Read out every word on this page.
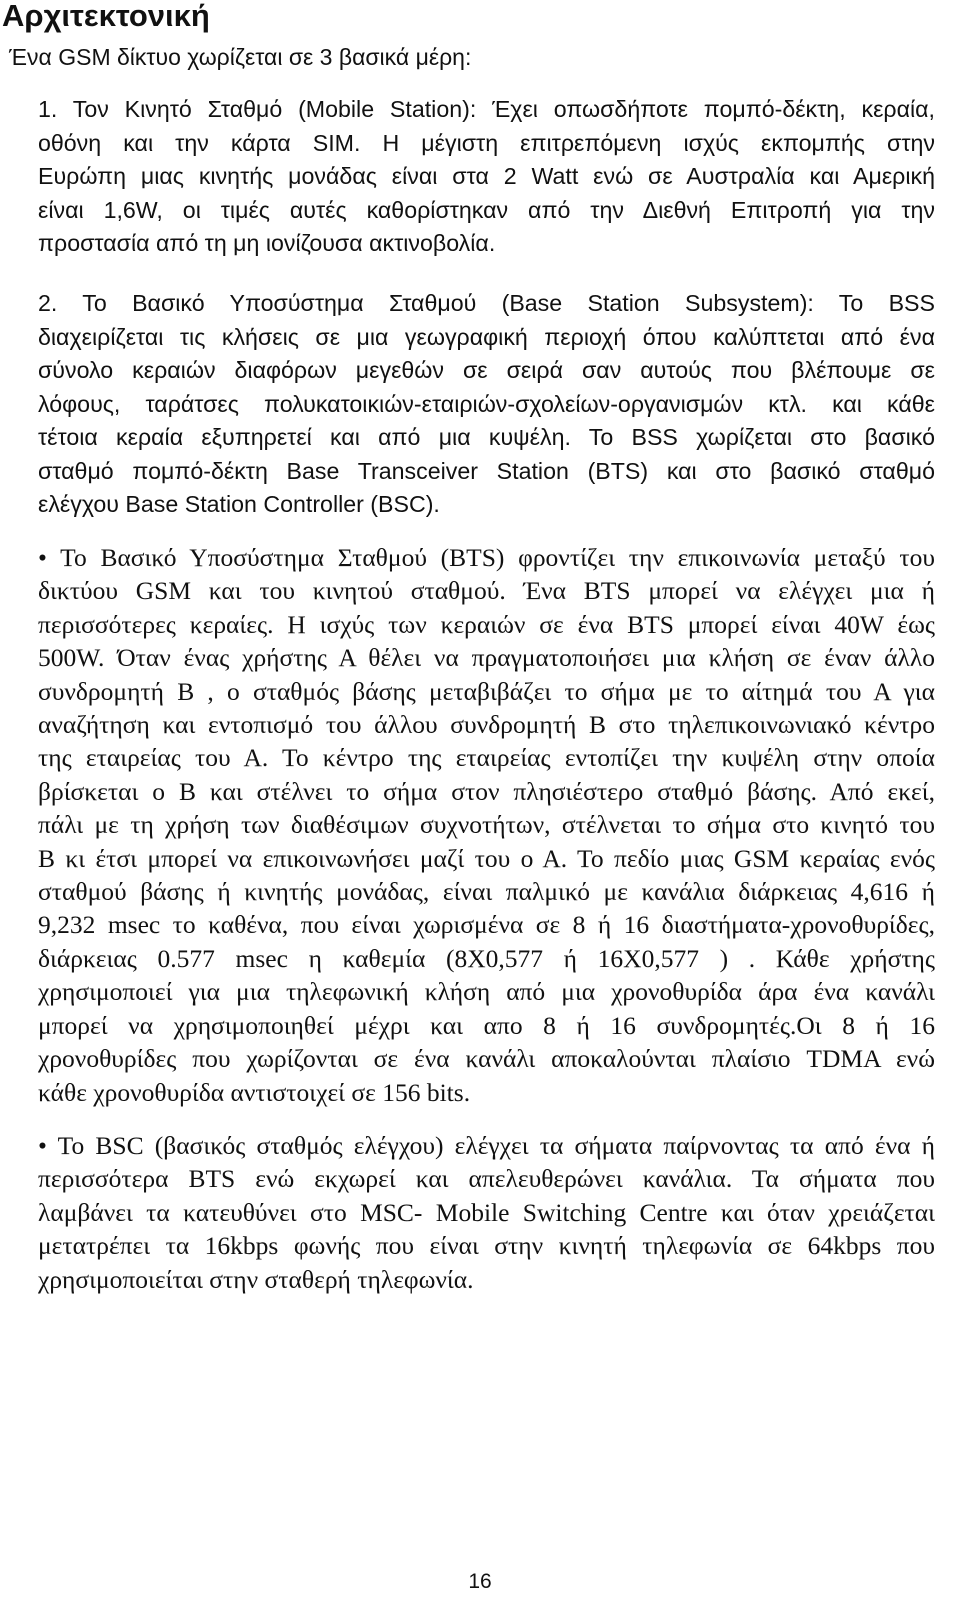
Αρχιτεκτονική

Ένα GSM δίκτυο χωρίζεται σε 3 βασικά μέρη:

1. Τον Κινητό Σταθμό (Mobile Station): Έχει οπωσδήποτε πομπό-δέκτη, κεραία,
οθόνη και την κάρτα SIM. Η μέγιστη επιτρεπόμενη ισχύς εκπομπής στην
Ευρώπη μιας κινητής μονάδας είναι στα 2 Watt ενώ σε Αυστραλία και Αμερική
είναι 1,6W, οι τιμές αυτές καθορίστηκαν από την Διεθνή Επιτροπή για την
προστασία από τη μη ιονίζουσα ακτινοβολία.

2. Το Βασικό Υποσύστημα Σταθμού (Base Station Subsystem): Το BSS
διαχειρίζεται τις κλήσεις σε μια γεωγραφική περιοχή όπου καλύπτεται από ένα
σύνολο κεραιών διαφόρων μεγεθών σε σειρά σαν αυτούς που βλέπουμε σε
λόφους, ταράτσες πολυκατοικιών-εταιριών-σχολείων-οργανισμών κτλ. και κάθε
τέτοια κεραία εξυπηρετεί και από μια κυψέλη. Το BSS χωρίζεται στο βασικό
σταθμό πομπό-δέκτη Base Transceiver Station (BTS) και στο βασικό σταθμό
ελέγχου Base Station Controller (BSC).

• Το Βασικό Υποσύστημα Σταθμού (BTS) φροντίζει την επικοινωνία μεταξύ του
δικτύου GSM και του κινητού σταθμού. Ένα BTS μπορεί να ελέγχει μια ή
περισσότερες κεραίες. Η ισχύς των κεραιών σε ένα BTS μπορεί είναι 40W έως
500W. Όταν ένας χρήστης Α θέλει να πραγματοποιήσει μια κλήση σε έναν άλλο
συνδρομητή Β , ο σταθμός βάσης μεταβιβάζει το σήμα με το αίτημά του Α για
αναζήτηση και εντοπισμό του άλλου συνδρομητή Β στο τηλεπικοινωνιακό κέντρο
της εταιρείας του Α. Το κέντρο της εταιρείας εντοπίζει την κυψέλη στην οποία
βρίσκεται ο Β και στέλνει το σήμα στον πλησιέστερο σταθμό βάσης. Από εκεί,
πάλι με τη χρήση των διαθέσιμων συχνοτήτων, στέλνεται το σήμα στο κινητό του
Β κι έτσι μπορεί να επικοινωνήσει μαζί του ο Α. Το πεδίο μιας GSM κεραίας ενός
σταθμού βάσης ή κινητής μονάδας, είναι παλμικό με κανάλια διάρκειας 4,616 ή
9,232 msec το καθένα, που είναι χωρισμένα σε 8 ή 16 διαστήματα-χρονοθυρίδες,
διάρκειας 0.577 msec η καθεμία (8Χ0,577 ή 16Χ0,577 ) . Κάθε χρήστης
χρησιμοποιεί για μια τηλεφωνική κλήση από μια χρονοθυρίδα άρα ένα κανάλι
μπορεί να χρησιμοποιηθεί μέχρι και απο 8 ή 16 συνδρομητές.Οι 8 ή 16
χρονοθυρίδες που χωρίζονται σε ένα κανάλι αποκαλούνται πλαίσιο TDMA ενώ
κάθε χρονοθυρίδα αντιστοιχεί σε 156 bits.

• Το BSC (βασικός σταθμός ελέγχου) ελέγχει τα σήματα παίρνοντας τα από ένα ή
περισσότερα BTS ενώ εκχωρεί και απελευθερώνει κανάλια. Τα σήματα που
λαμβάνει τα κατευθύνει στο MSC- Mobile Switching Centre και όταν χρειάζεται
μετατρέπει τα 16kbps φωνής που είναι στην κινητή τηλεφωνία σε 64kbps που
χρησιμοποιείται στην σταθερή τηλεφωνία.

16
